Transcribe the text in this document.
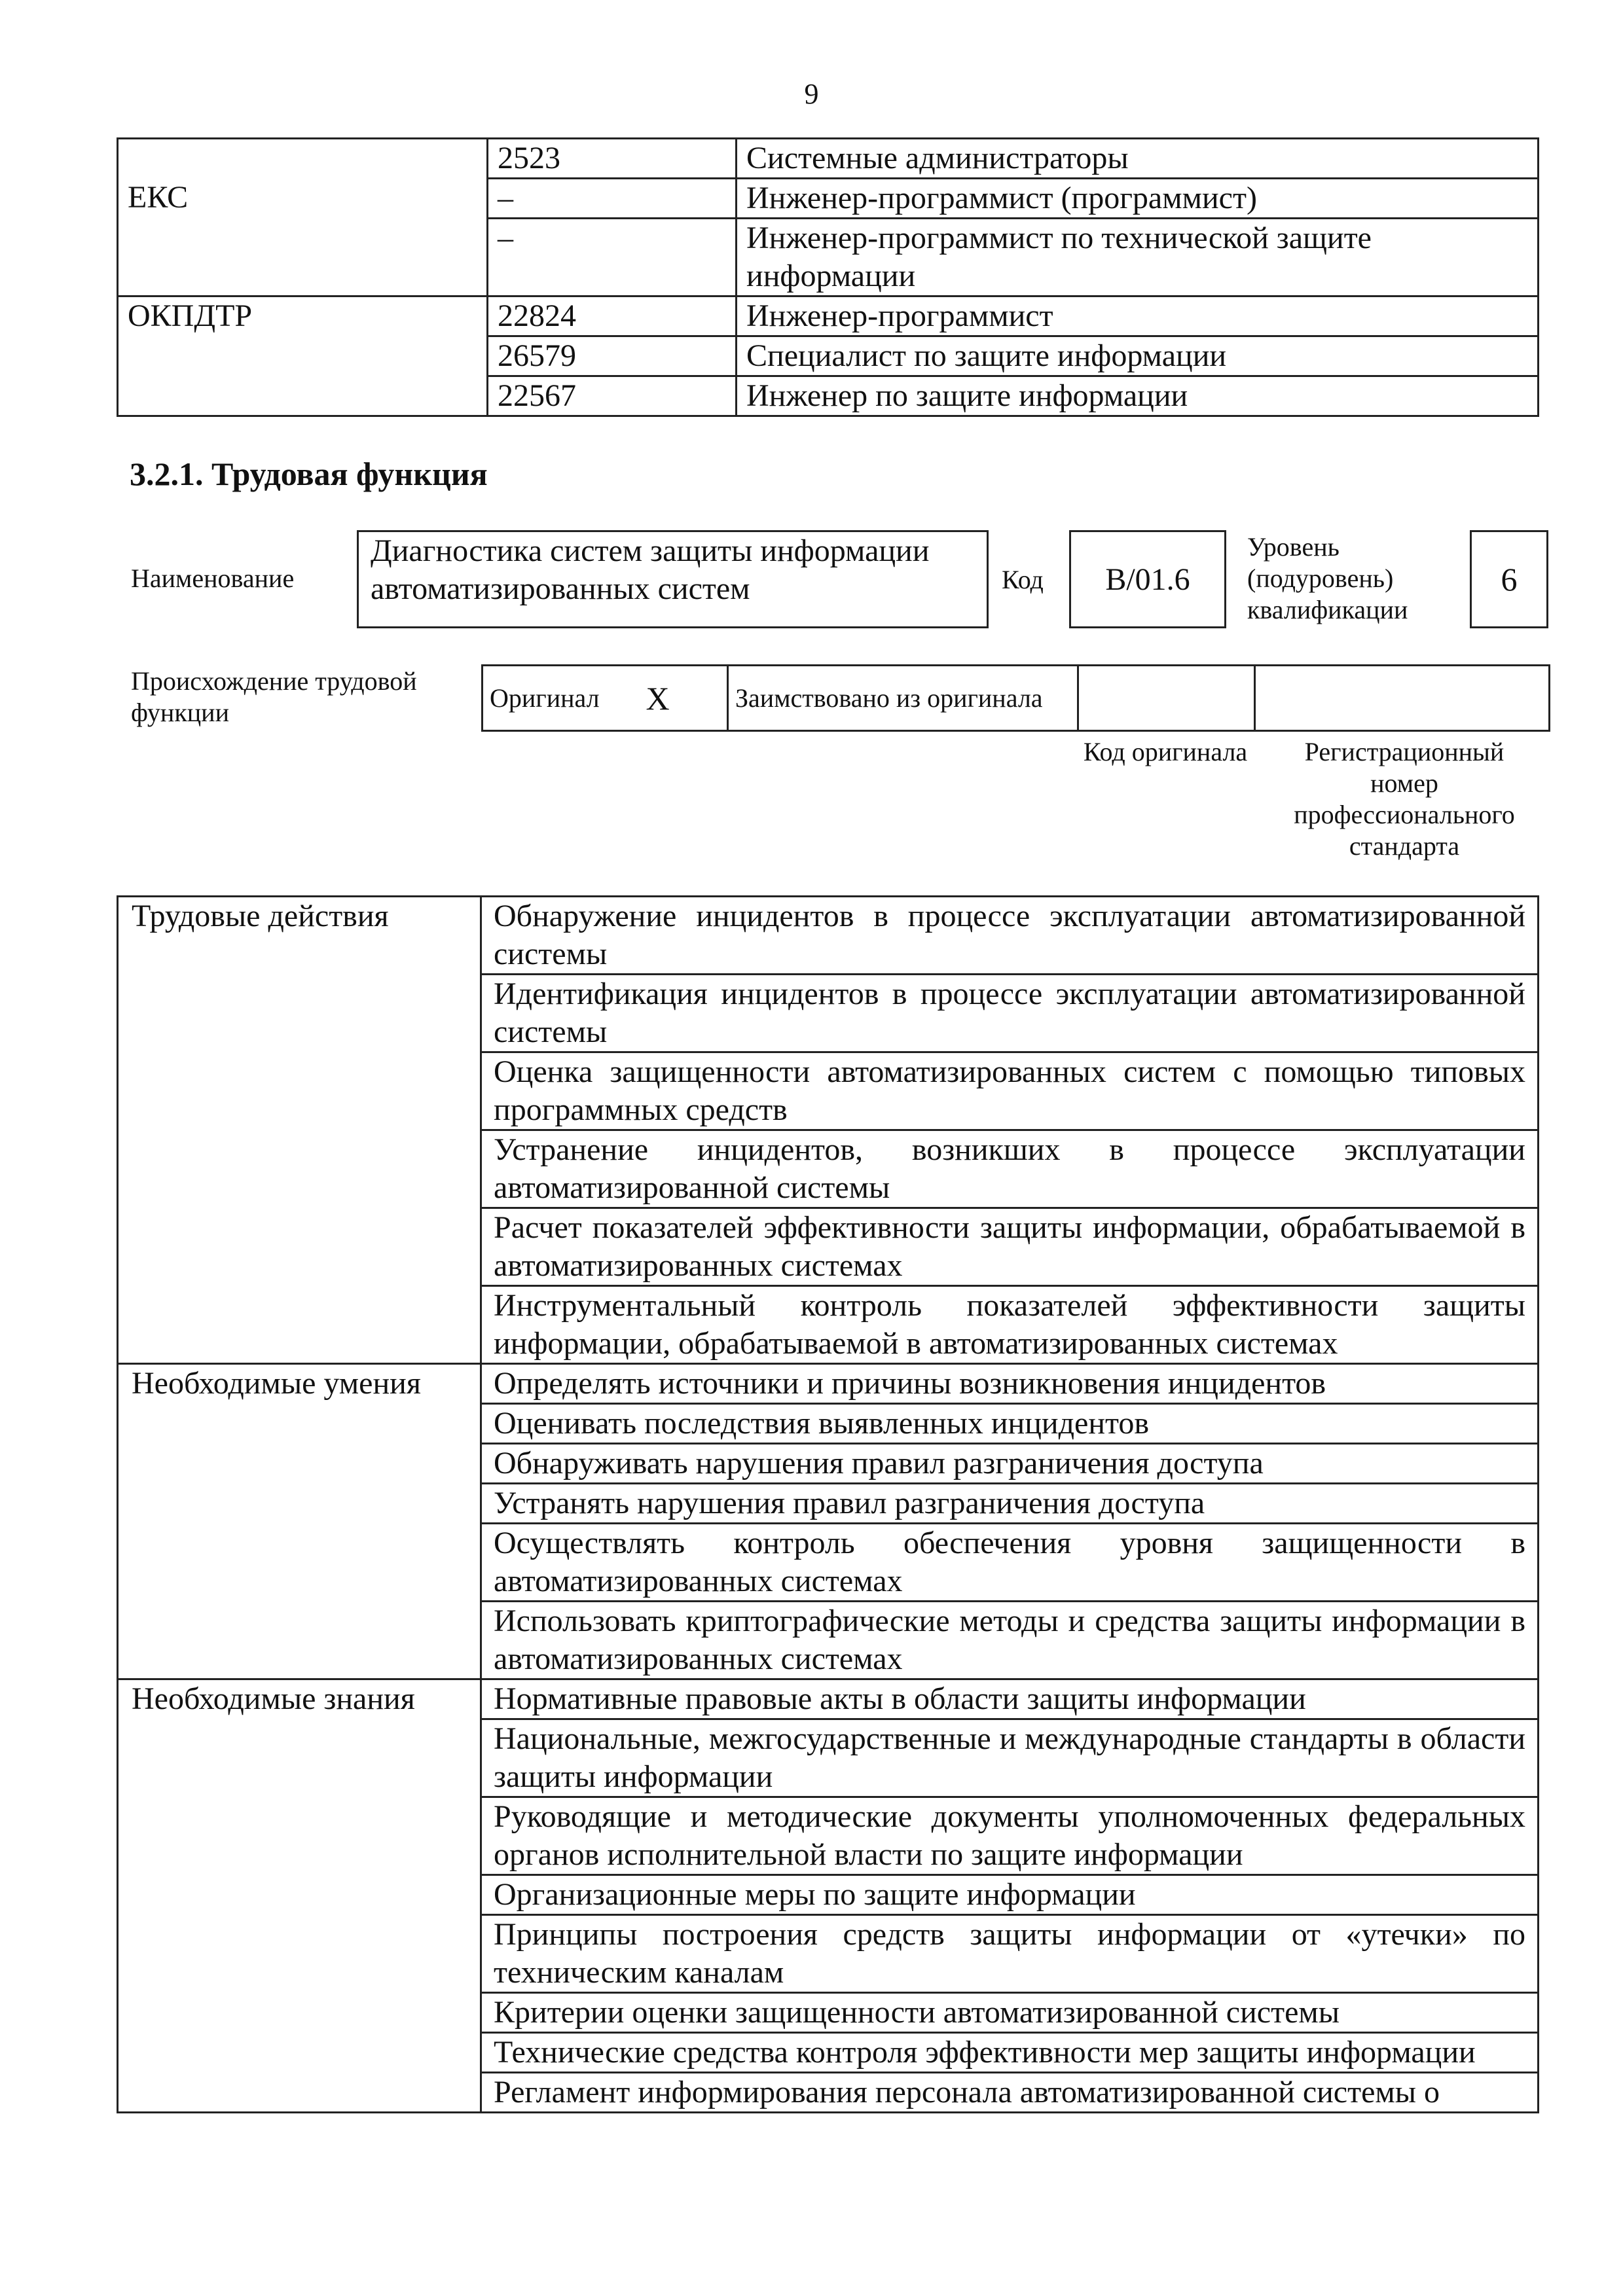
9
	2523	Системные администраторы
ЕКС	–	Инженер-программист (программист)
	–	Инженер-программист по технической защите информации
ОКПДТР	22824	Инженер-программист
	26579	Специалист по защите информации
	22567	Инженер по защите информации
3.2.1. Трудовая функция
Наименование
Диагностика систем защиты информации автоматизированных систем	Код B/01.6
Уровень (подуровень) квалификации
6
Происхождение трудовой функции	Оригинал	X	Заимствовано из оригинала		
Код оригинала	Регистрационный номер профессионального стандарта
Трудовые действия	Обнаружение инцидентов в процессе эксплуатации автоматизированной системы
	Идентификация инцидентов в процессе эксплуатации автоматизированной системы
	Оценка защищенности автоматизированных систем с помощью типовых программных средств
	Устранение инцидентов, возникших в процессе эксплуатации автоматизированной системы
	Расчет показателей эффективности защиты информации, обрабатываемой в автоматизированных системах
	Инструментальный контроль показателей эффективности защиты информации, обрабатываемой в автоматизированных системах
Необходимые умения	Определять источники и причины возникновения инцидентов
	Оценивать последствия выявленных инцидентов
	Обнаруживать нарушения правил разграничения доступа
	Устранять нарушения правил разграничения доступа
	Осуществлять контроль обеспечения уровня защищенности в автоматизированных системах
	Использовать криптографические методы и средства защиты информации в автоматизированных системах
Необходимые знания	Нормативные правовые акты в области защиты информации
	Национальные, межгосударственные и международные стандарты в области защиты информации
	Руководящие и методические документы уполномоченных федеральных органов исполнительной власти по защите информации
	Организационные меры по защите информации
	Принципы построения средств защиты информации от «утечки» по техническим каналам
	Критерии оценки защищенности автоматизированной системы
	Технические средства контроля эффективности мер защиты информации
	Регламент информирования персонала автоматизированной системы о
